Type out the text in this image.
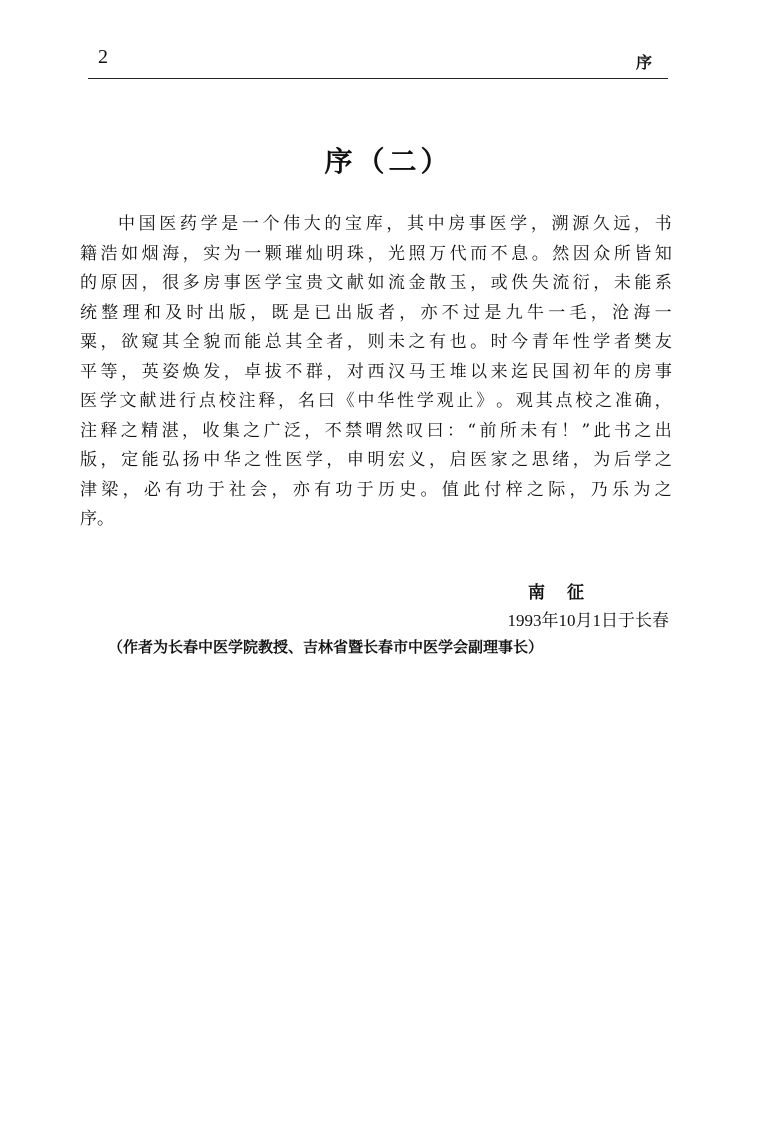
2	序
序（二）
中 国 医 药 学 是 一 个 伟 大 的 宝 库 ， 其 中 房 事 医 学 ， 溯 源 久 远 ， 书
籍 浩 如 烟 海 ， 实 为 一 颗 璀 灿 明 珠 ， 光 照 万 代 而 不 息 。 然 因 众 所 皆 知
的 原 因 ， 很 多 房 事 医 学 宝 贵 文 献 如 流 金 散 玉 ， 或 佚 失 流 衍 ， 未 能 系
统 整 理 和 及 时 出 版 ， 既 是 已 出 版 者 ， 亦 不 过 是 九 牛 一 毛 ， 沧 海 一
粟 ， 欲 窥 其 全 貌 而 能 总 其 全 者 ， 则 未 之 有 也 。 时 今 青 年 性 学 者 樊 友
平 等 ， 英 姿 焕 发 ， 卓 拔 不 群 ， 对 西 汉 马 王 堆 以 来 迄 民 国 初 年 的 房 事
医 学 文 献 进 行 点 校 注 释 ， 名 曰 《 中 华 性 学 观 止 》 。 观 其 点 校 之 准 确 ，
注 释 之 精 湛 ， 收 集 之 广 泛 ， 不 禁 喟 然 叹 曰 ： “ 前 所 未 有 ！ ” 此 书 之 出
版 ， 定 能 弘 扬 中 华 之 性 医 学 ， 申 明 宏 义 ， 启 医 家 之 思 绪 ， 为 后 学 之
津 梁 ， 必 有 功 于 社 会 ， 亦 有 功 于 历 史 。 值 此 付 梓 之 际 ， 乃 乐 为 之
序 。
南征
1993年10月1日于长春
（作者为长春中医学院教授、吉林省暨长春市中医学会副理事长）
